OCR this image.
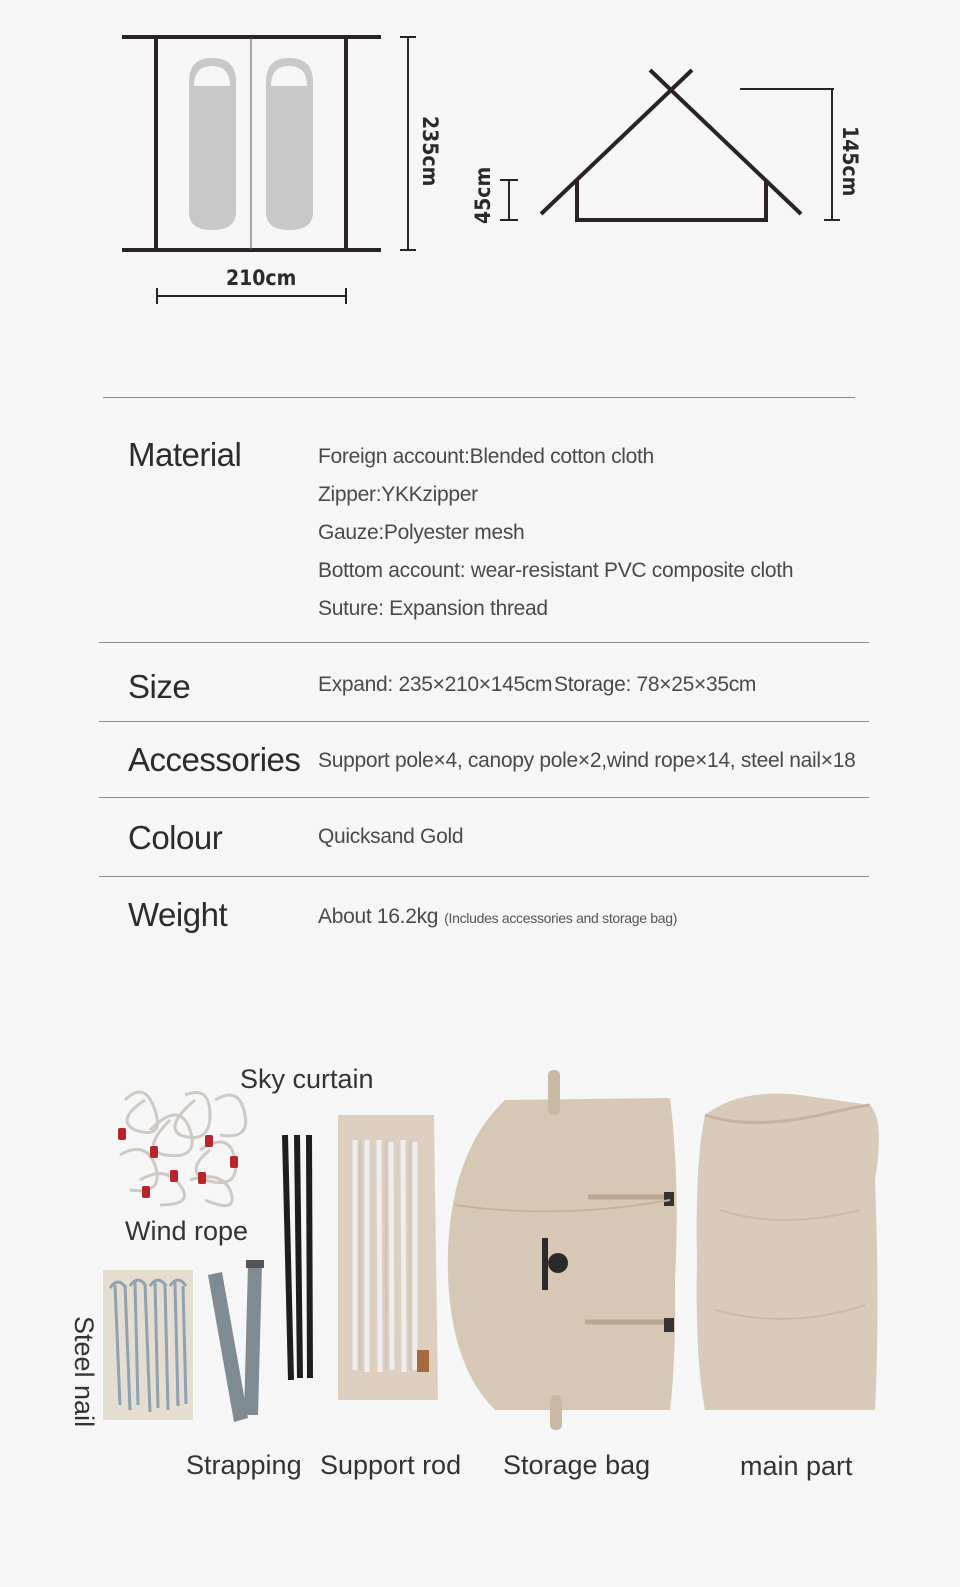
235cm
210cm
45cm	145cm
Material	Foreign account:Blended cotton cloth
Zipper:YKKzipper
Gauze:Polyester mesh
Bottom account: wear-resistant PVC composite cloth
Suture: Expansion thread
Size	Expand: 235×210×145cm Storage: 78×25×35cm
Accessories Support pole×4, canopy pole×2,wind rope×14, steel nail×18
Colour	Quicksand Gold
Weight	About 16.2kg (Includes accessories and storage bag)
Sky curtain
Wind rope
Steel nail
Strapping Support rod Storage bag	main part
